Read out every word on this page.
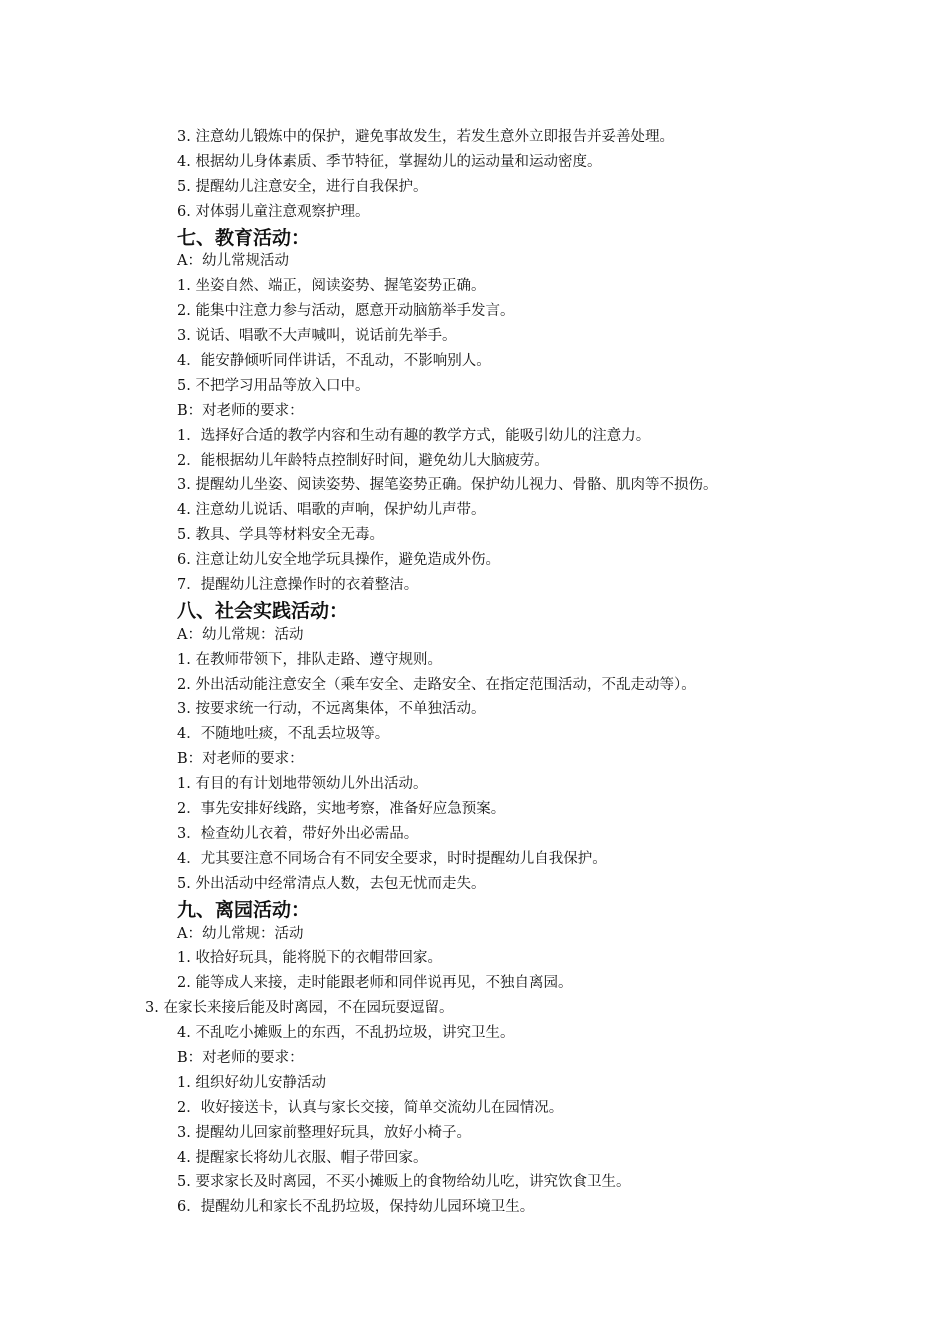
3. 注意幼儿锻炼中的保护，避免事故发生，若发生意外立即报告并妥善处理。
4. 根据幼儿身体素质、季节特征，掌握幼儿的运动量和运动密度。
5. 提醒幼儿注意安全，进行自我保护。
6. 对体弱儿童注意观察护理。
七、教育活动：
A：幼儿常规活动
1. 坐姿自然、端正，阅读姿势、握笔姿势正确。
2. 能集中注意力参与活动，愿意开动脑筋举手发言。
3. 说话、唱歌不大声喊叫，说话前先举手。
4．能安静倾听同伴讲话，不乱动，不影响别人。
5. 不把学习用品等放入口中。
B：对老师的要求：
1．选择好合适的教学内容和生动有趣的教学方式，能吸引幼儿的注意力。
2．能根据幼儿年龄特点控制好时间，避免幼儿大脑疲劳。
3. 提醒幼儿坐姿、阅读姿势、握笔姿势正确。保护幼儿视力、骨骼、肌肉等不损伤。
4. 注意幼儿说话、唱歌的声响，保护幼儿声带。
5. 教具、学具等材料安全无毒。
6. 注意让幼儿安全地学玩具操作，避免造成外伤。
7．提醒幼儿注意操作时的衣着整洁。
八、社会实践活动：
A：幼儿常规：活动
1. 在教师带领下，排队走路、遵守规则。
2. 外出活动能注意安全（乘车安全、走路安全、在指定范围活动，不乱走动等）。
3. 按要求统一行动，不远离集体，不单独活动。
4．不随地吐痰，不乱丢垃圾等。
B：对老师的要求：
1. 有目的有计划地带领幼儿外出活动。
2．事先安排好线路，实地考察，准备好应急预案。
3．检查幼儿衣着，带好外出必需品。
4．尤其要注意不同场合有不同安全要求，时时提醒幼儿自我保护。
5. 外出活动中经常清点人数，去包无忧而走失。
九、离园活动：
A：幼儿常规：活动
1. 收拾好玩具，能将脱下的衣帽带回家。
2. 能等成人来接，走时能跟老师和同伴说再见，不独自离园。
3. 在家长来接后能及时离园，不在园玩耍逗留。
4. 不乱吃小摊贩上的东西，不乱扔垃圾，讲究卫生。
B：对老师的要求：
1. 组织好幼儿安静活动
2．收好接送卡，认真与家长交接，简单交流幼儿在园情况。
3. 提醒幼儿回家前整理好玩具，放好小椅子。
4. 提醒家长将幼儿衣服、帽子带回家。
5. 要求家长及时离园，不买小摊贩上的食物给幼儿吃，讲究饮食卫生。
6．提醒幼儿和家长不乱扔垃圾，保持幼儿园环境卫生。
